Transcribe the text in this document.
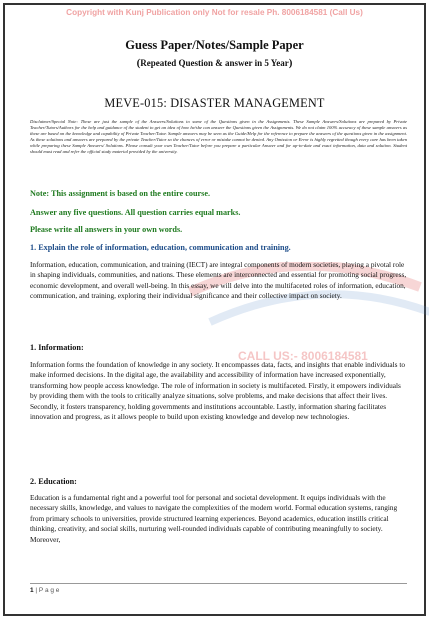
Copyright with Kunj Publication only Not for resale Ph. 8006184581 (Call Us)
Guess Paper/Notes/Sample Paper
(Repeated Question & answer in 5 Year)
MEVE-015: DISASTER MANAGEMENT
CALL US:- 8006184581
Disclaimer/Special Note: These are just the sample of the Answers/Solutions to some of the Questions given in the Assignments. These Sample Answers/Solutions are prepared by Private Teacher/Tutors/Authors for the help and guidance of the student to get an idea of how he/she can answer the Questions given the Assignments. We do not claim 100% accuracy of these sample answers as these are based on the knowledge and capability of Private Teacher/Tutor. Sample answers may be seen as the Guide/Help for the reference to prepare the answers of the questions given in the assignment. As these solutions and answers are prepared by the private Teacher/Tutor so the chances of error or mistake cannot be denied. Any Omission or Error is highly regretted though every care has been taken while preparing these Sample Answers/ Solutions. Please consult your own Teacher/Tutor before you prepare a particular Answer and for up-to-date and exact information, data and solution. Student should must read and refer the official study material provided by the university.
Note: This assignment is based on the entire course.
Answer any five questions. All question carries equal marks.
Please write all answers in your own words.
1. Explain the role of information, education, communication and training.
Information, education, communication, and training (IECT) are integral components of modern societies, playing a pivotal role in shaping individuals, communities, and nations. These elements are interconnected and essential for promoting social progress, economic development, and overall well-being. In this essay, we will delve into the multifaceted roles of information, education, communication, and training, exploring their individual significance and their collective impact on society.
1. Information:
Information forms the foundation of knowledge in any society. It encompasses data, facts, and insights that enable individuals to make informed decisions. In the digital age, the availability and accessibility of information have increased exponentially, transforming how people access knowledge. The role of information in society is multifaceted. Firstly, it empowers individuals by providing them with the tools to critically analyze situations, solve problems, and make decisions that affect their lives. Secondly, it fosters transparency, holding governments and institutions accountable. Lastly, information sharing facilitates innovation and progress, as it allows people to build upon existing knowledge and develop new technologies.
2. Education:
Education is a fundamental right and a powerful tool for personal and societal development. It equips individuals with the necessary skills, knowledge, and values to navigate the complexities of the modern world. Formal education systems, ranging from primary schools to universities, provide structured learning experiences. Beyond academics, education instills critical thinking, creativity, and social skills, nurturing well-rounded individuals capable of contributing meaningfully to society. Moreover,
1 | P a g e
